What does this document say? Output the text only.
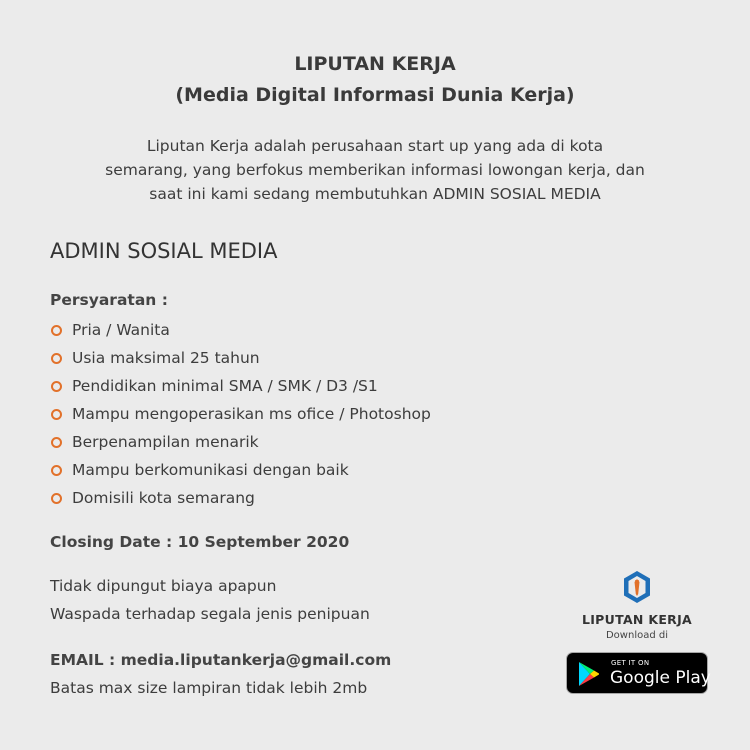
LIPUTAN KERJA
(Media Digital Informasi Dunia Kerja)
Liputan Kerja adalah perusahaan start up yang ada di kota
semarang, yang berfokus memberikan informasi lowongan kerja, dan
saat ini kami sedang membutuhkan ADMIN SOSIAL MEDIA
ADMIN SOSIAL MEDIA
Persyaratan :
Pria / Wanita
Usia maksimal 25 tahun
Pendidikan minimal SMA / SMK / D3 /S1
Mampu mengoperasikan ms ofice / Photoshop
Berpenampilan menarik
Mampu berkomunikasi dengan baik
Domisili kota semarang
Closing Date : 10 September 2020
Tidak dipungut biaya apapun
Waspada terhadap segala jenis penipuan
EMAIL : media.liputankerja@gmail.com
Batas max size lampiran tidak lebih 2mb
LIPUTAN KERJA
Download di
GET IT ON
Google Play
